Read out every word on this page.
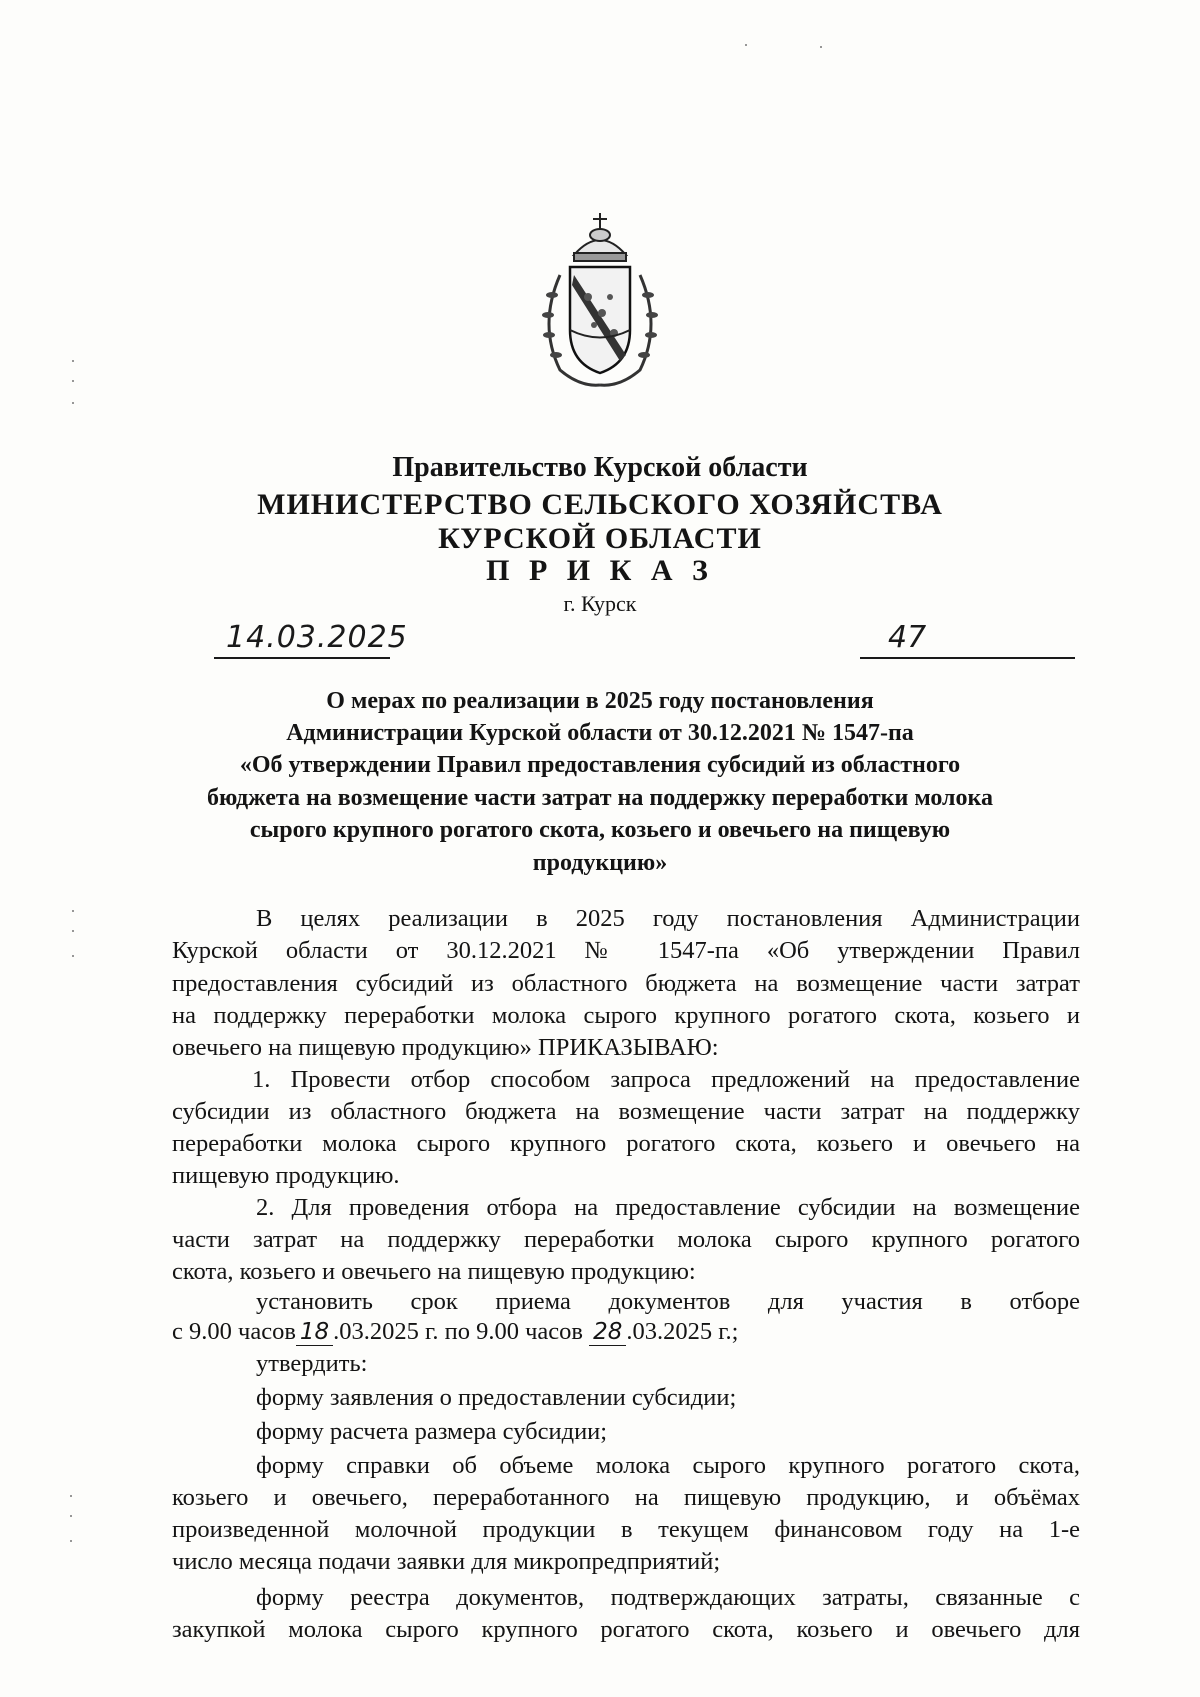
Правительство Курской области
МИНИСТЕРСТВО СЕЛЬСКОГО ХОЗЯЙСТВА
КУРСКОЙ ОБЛАСТИ
П Р И К А З
г. Курск
14.03.2025	47
О мерах по реализации в 2025 году постановления
Администрации Курской области от 30.12.2021 № 1547-па
«Об утверждении Правил предоставления субсидий из областного
бюджета на возмещение части затрат на поддержку переработки молока
сырого крупного рогатого скота, козьего и овечьего на пищевую
продукцию»
В целях реализации в 2025 году постановления Администрации
Курской области от 30.12.2021 № 1547-па «Об утверждении Правил
предоставления субсидий из областного бюджета на возмещение части затрат
на поддержку переработки молока сырого крупного рогатого скота, козьего и
овечьего на пищевую продукцию» ПРИКАЗЫВАЮ:
1. Провести отбор способом запроса предложений на предоставление
субсидии из областного бюджета на возмещение части затрат на поддержку
переработки молока сырого крупного рогатого скота, козьего и овечьего на
пищевую продукцию.
2. Для проведения отбора на предоставление субсидии на возмещение
части затрат на поддержку переработки молока сырого крупного рогатого
скота, козьего и овечьего на пищевую продукцию:
установить срок приема документов для участия в отборе
с 9.00 часов 18 .03.2025 г. по 9.00 часов 28 .03.2025 г.;
утвердить:
форму заявления о предоставлении субсидии;
форму расчета размера субсидии;
форму справки об объеме молока сырого крупного рогатого скота,
козьего и овечьего, переработанного на пищевую продукцию, и объёмах
произведенной молочной продукции в текущем финансовом году на 1-е
число месяца подачи заявки для микропредприятий;
форму реестра документов, подтверждающих затраты, связанные с
закупкой молока сырого крупного рогатого скота, козьего и овечьего для
